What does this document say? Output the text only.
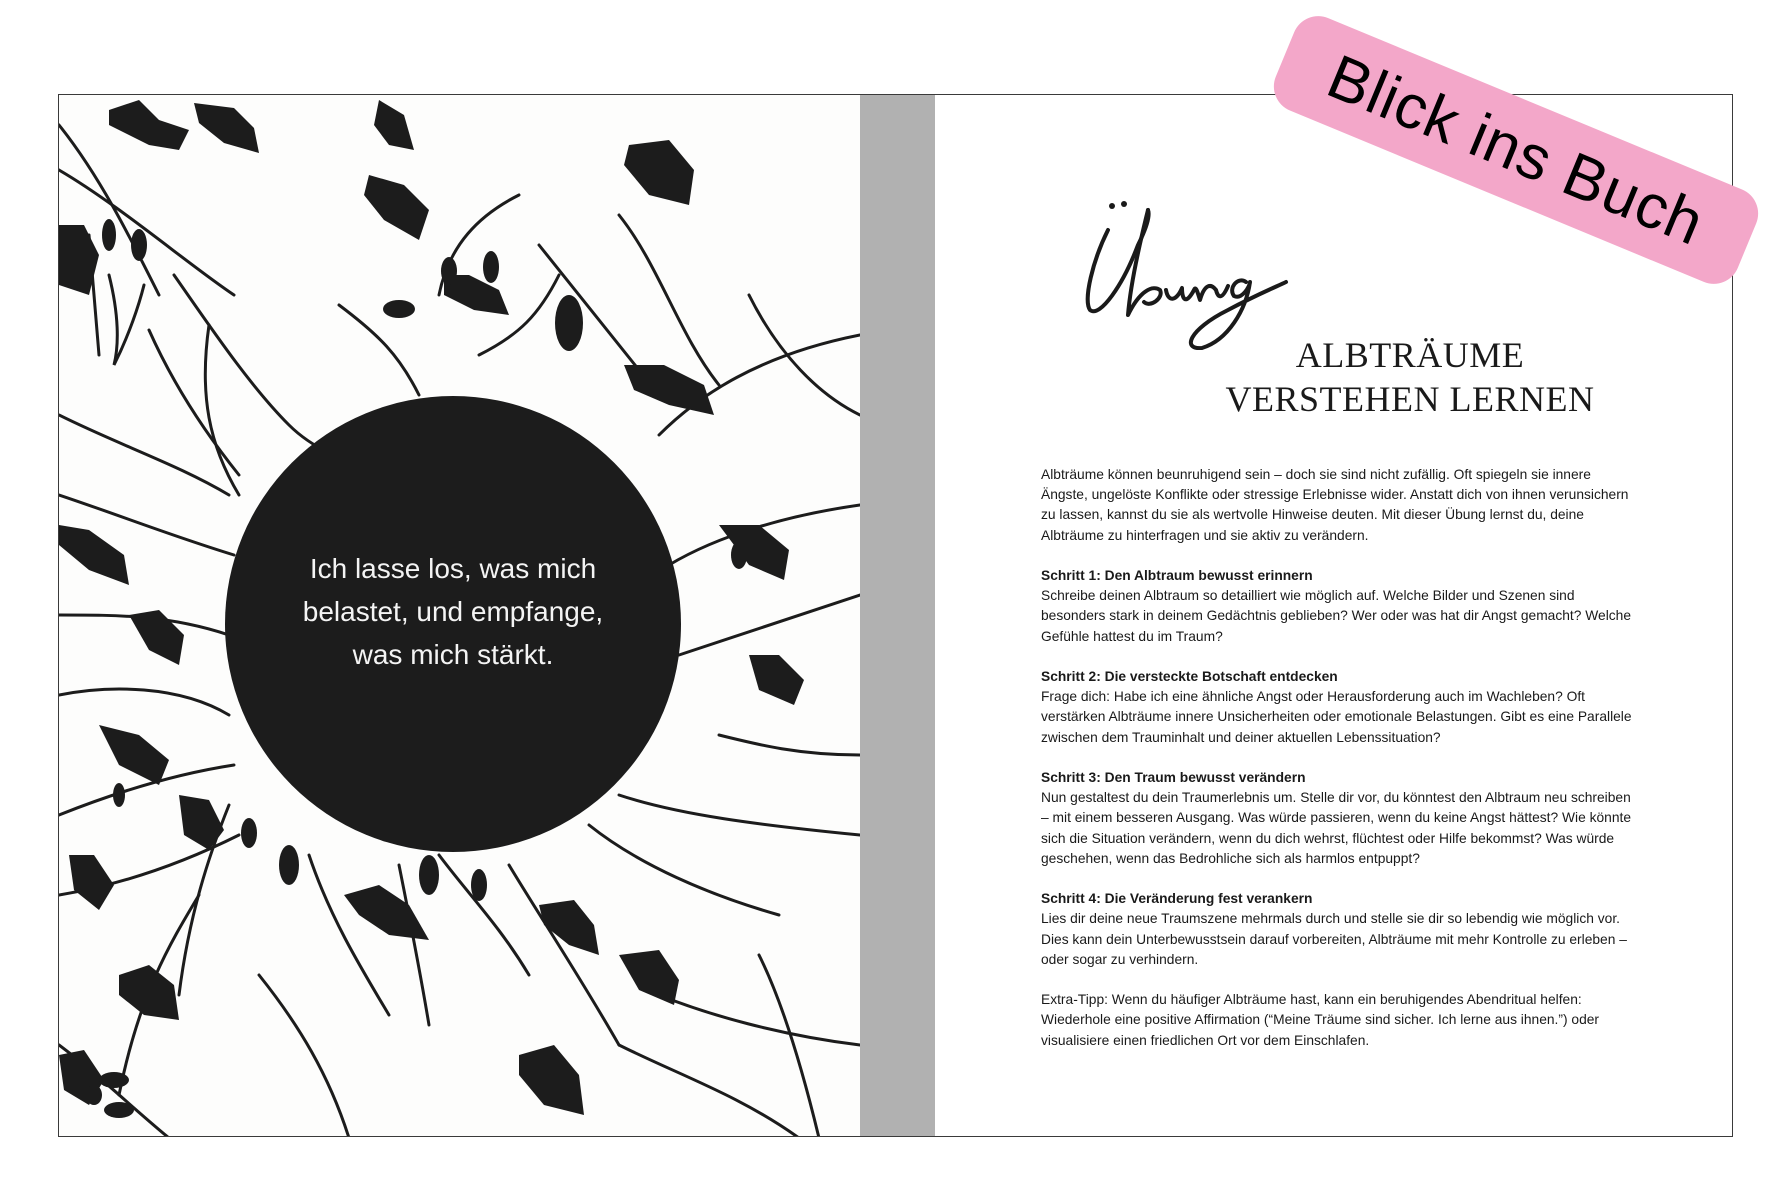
Ich lasse los, was mich belastet, und empfange, was mich stärkt.
ALBTRÄUME
VERSTEHEN LERNEN

Albträume können beunruhigend sein – doch sie sind nicht zufällig. Oft spiegeln sie innere Ängste, ungelöste Konflikte oder stressige Erlebnisse wider. Anstatt dich von ihnen verunsichern zu lassen, kannst du sie als wertvolle Hinweise deuten. Mit dieser Übung lernst du, deine Albträume zu hinterfragen und sie aktiv zu verändern.

Schritt 1: Den Albtraum bewusst erinnern
Schreibe deinen Albtraum so detailliert wie möglich auf. Welche Bilder und Szenen sind besonders stark in deinem Gedächtnis geblieben? Wer oder was hat dir Angst gemacht? Welche Gefühle hattest du im Traum?

Schritt 2: Die versteckte Botschaft entdecken
Frage dich: Habe ich eine ähnliche Angst oder Herausforderung auch im Wachleben? Oft verstärken Albträume innere Unsicherheiten oder emotionale Belastungen. Gibt es eine Parallele zwischen dem Trauminhalt und deiner aktuellen Lebenssituation?

Schritt 3: Den Traum bewusst verändern
Nun gestaltest du dein Traumerlebnis um. Stelle dir vor, du könntest den Albtraum neu schreiben – mit einem besseren Ausgang. Was würde passieren, wenn du keine Angst hättest? Wie könnte sich die Situation verändern, wenn du dich wehrst, flüchtest oder Hilfe bekommst? Was würde geschehen, wenn das Bedrohliche sich als harmlos entpuppt?

Schritt 4: Die Veränderung fest verankern
Lies dir deine neue Traumszene mehrmals durch und stelle sie dir so lebendig wie möglich vor. Dies kann dein Unterbewusstsein darauf vorbereiten, Albträume mit mehr Kontrolle zu erleben – oder sogar zu verhindern.

Extra-Tipp: Wenn du häufiger Albträume hast, kann ein beruhigendes Abendritual helfen: Wiederhole eine positive Affirmation (“Meine Träume sind sicher. Ich lerne aus ihnen.”) oder visualisiere einen friedlichen Ort vor dem Einschlafen.

Blick ins Buch
